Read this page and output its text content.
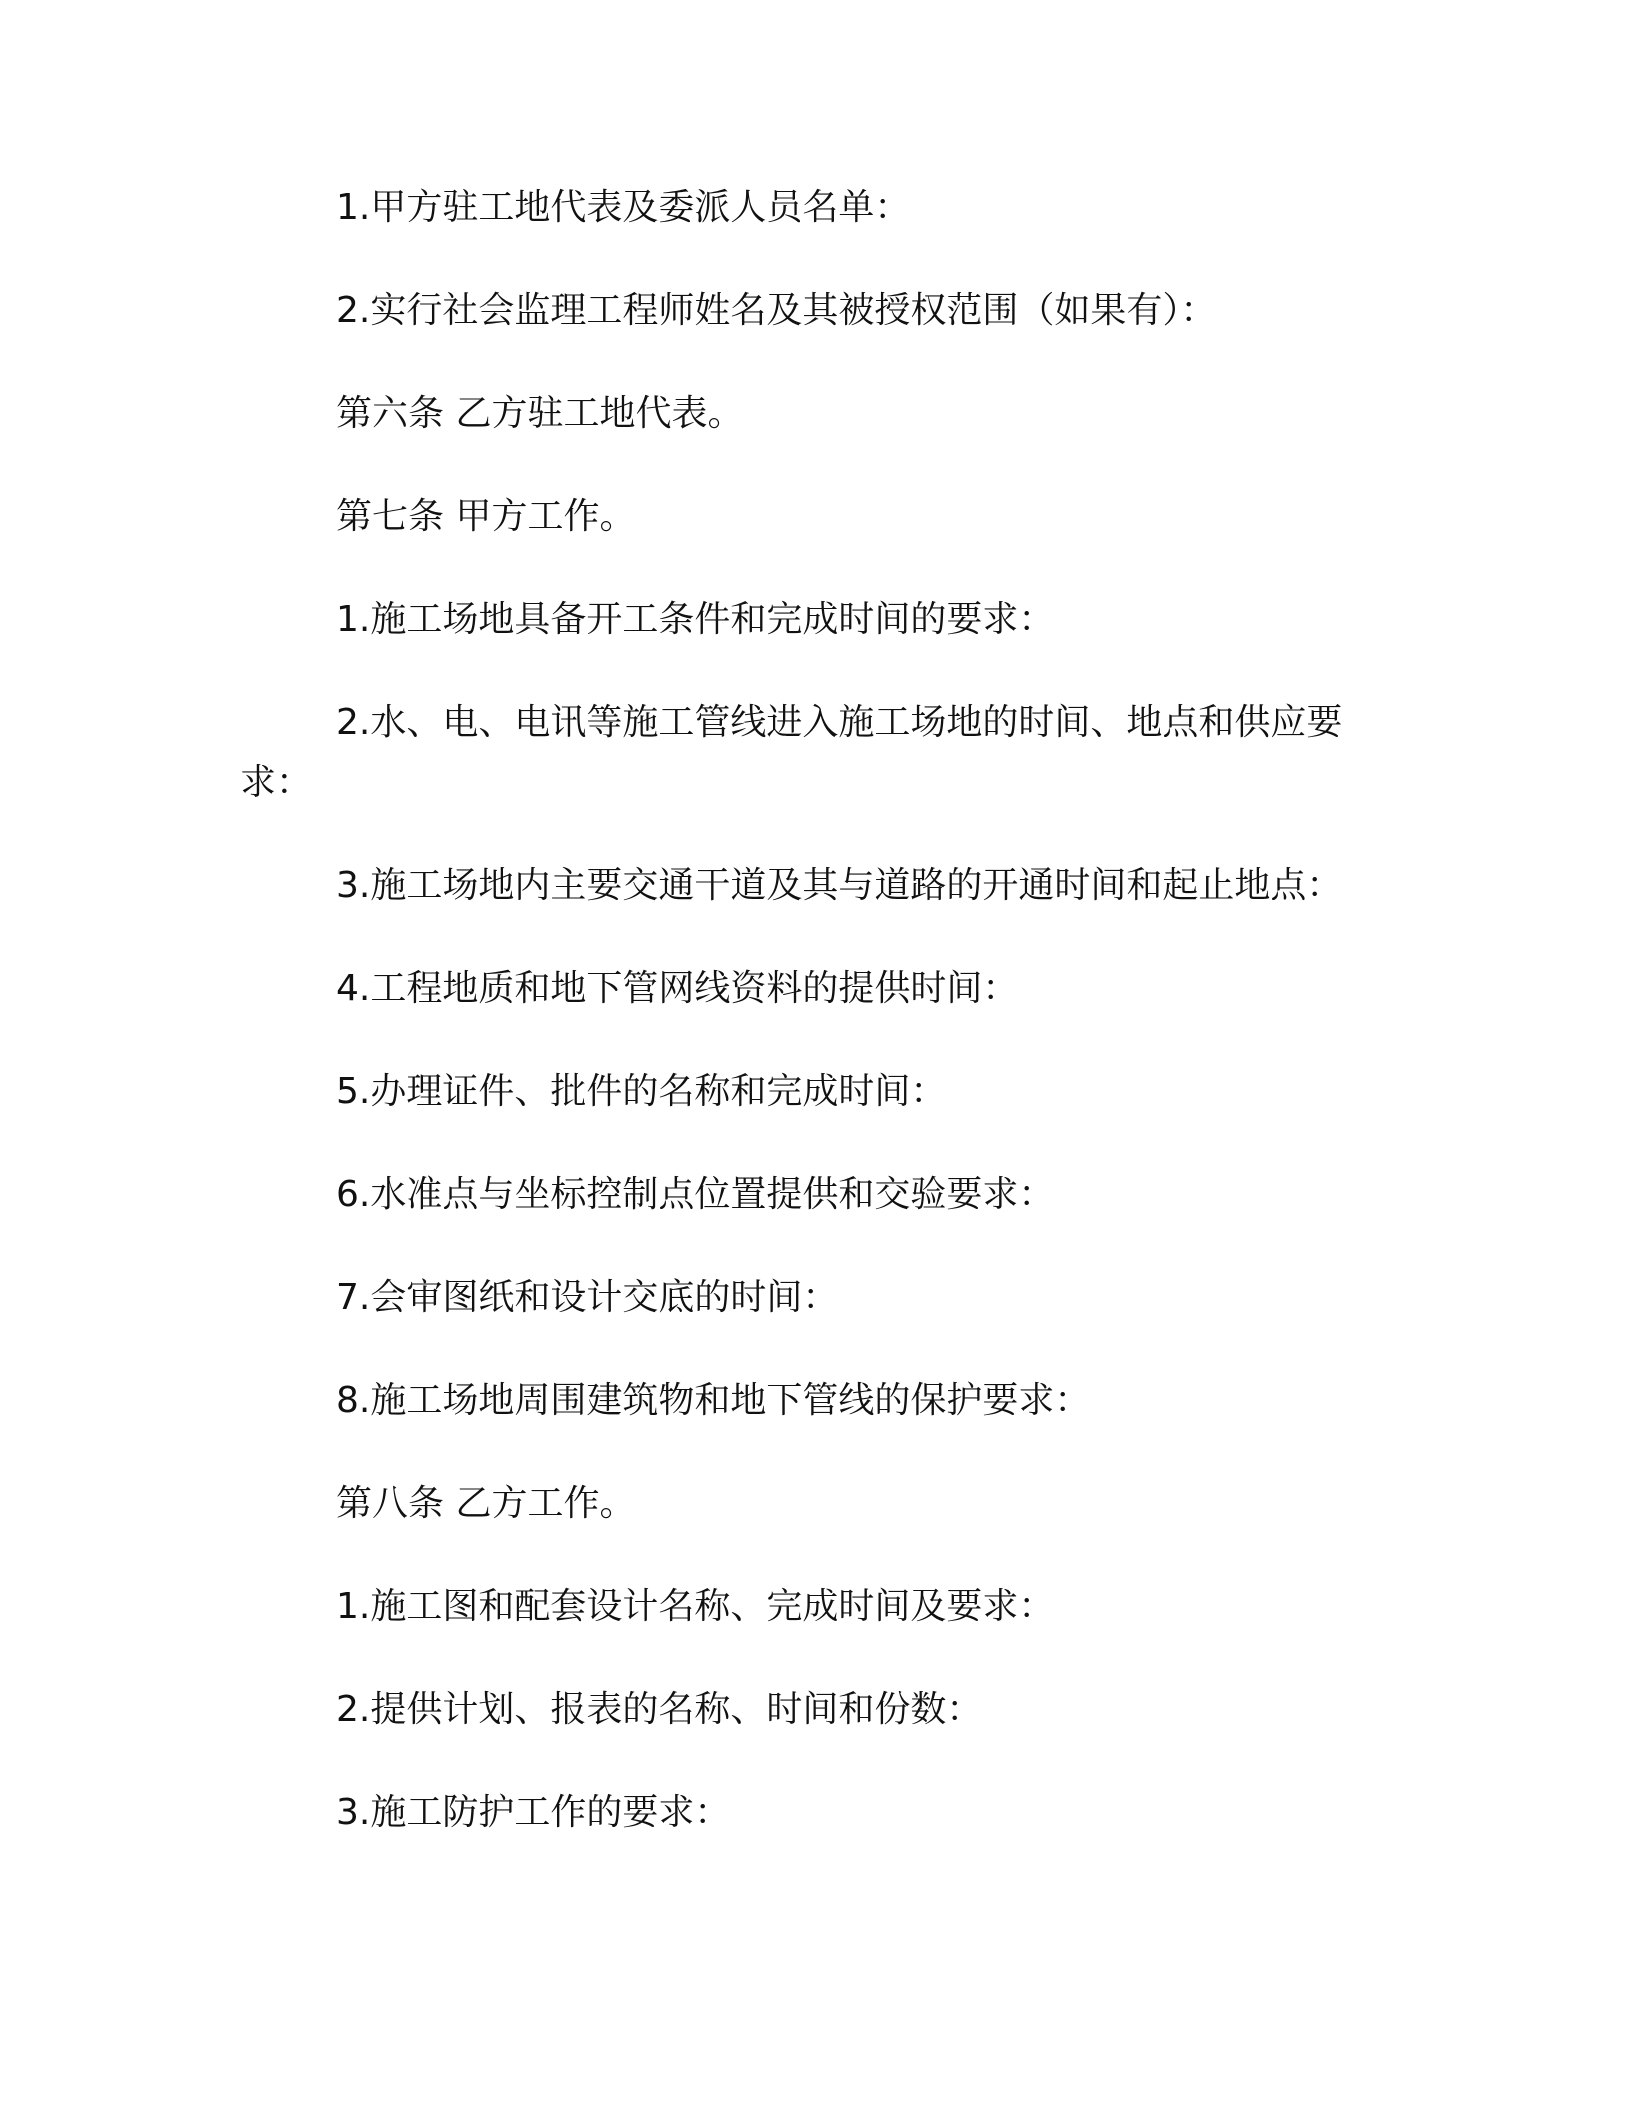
1.甲方驻工地代表及委派人员名单：

2.实行社会监理工程师姓名及其被授权范围（如果有）：

第六条 乙方驻工地代表。

第七条 甲方工作。

1.施工场地具备开工条件和完成时间的要求：

2.水、电、电讯等施工管线进入施工场地的时间、地点和供应要求：

3.施工场地内主要交通干道及其与道路的开通时间和起止地点：

4.工程地质和地下管网线资料的提供时间：

5.办理证件、批件的名称和完成时间：

6.水准点与坐标控制点位置提供和交验要求：

7.会审图纸和设计交底的时间：

8.施工场地周围建筑物和地下管线的保护要求：

第八条 乙方工作。

1.施工图和配套设计名称、完成时间及要求：

2.提供计划、报表的名称、时间和份数：

3.施工防护工作的要求：
